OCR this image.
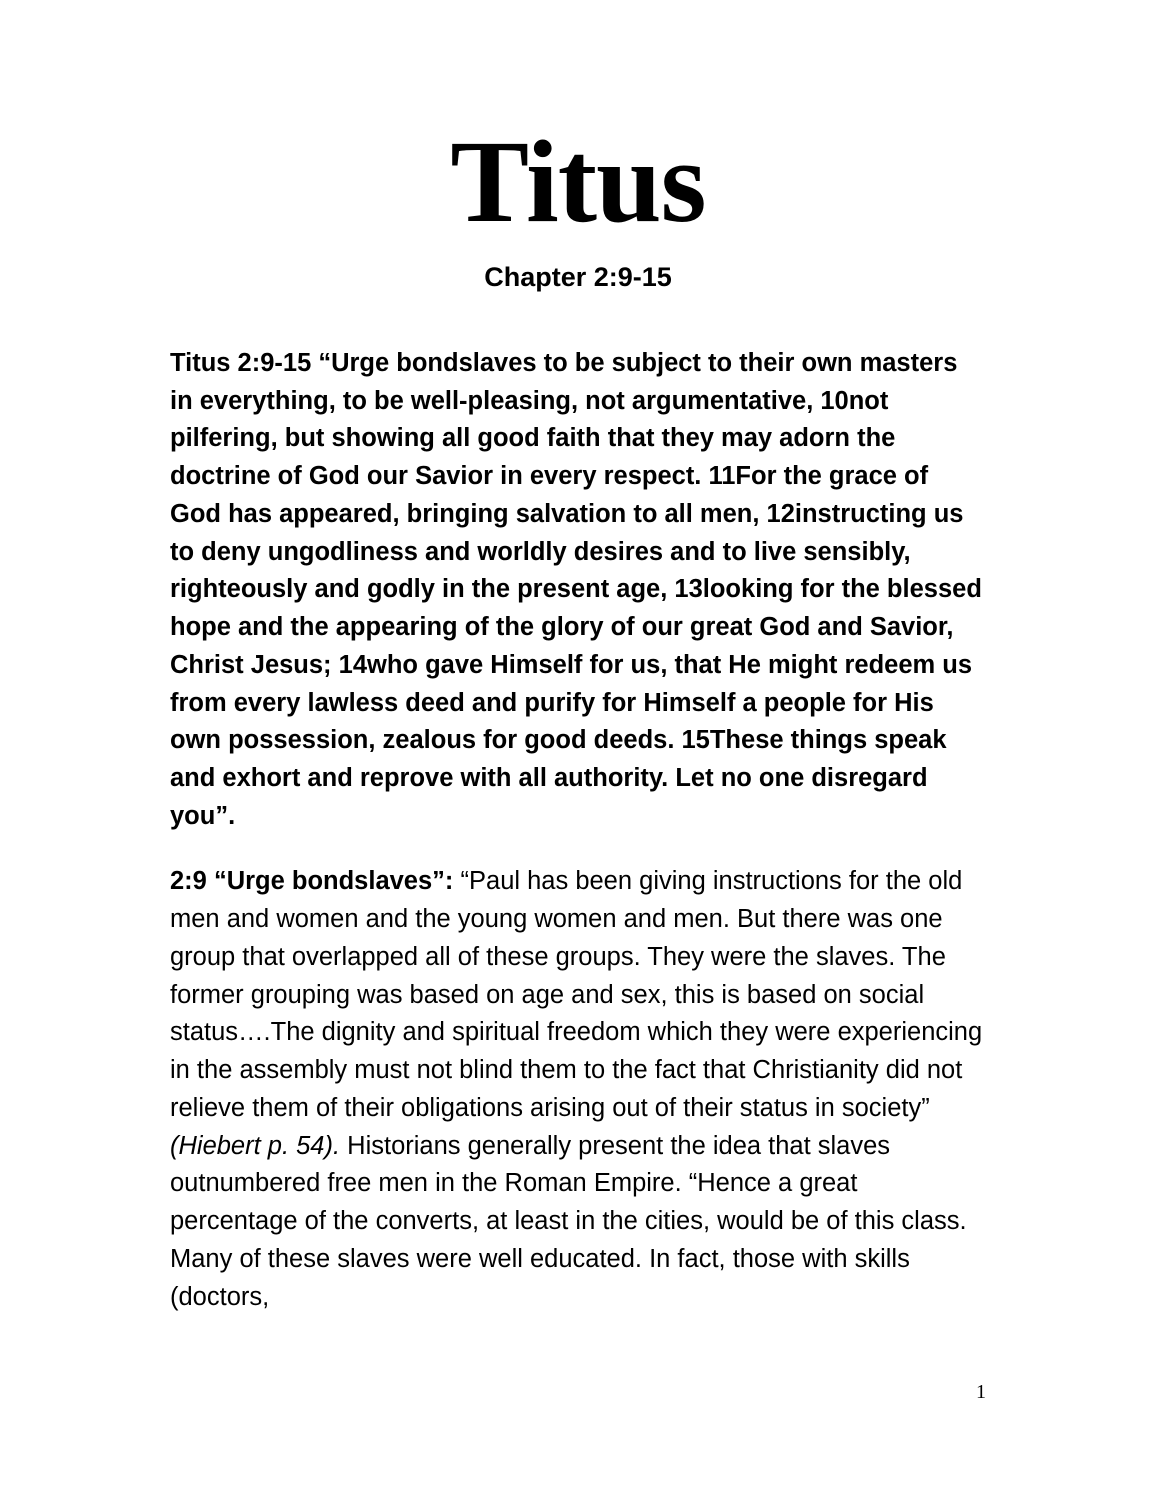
Titus
Chapter 2:9-15

Titus 2:9-15 “Urge bondslaves to be subject to their own masters in everything, to be well-pleasing, not argumentative, 10not pilfering, but showing all good faith that they may adorn the doctrine of God our Savior in every respect. 11For the grace of God has appeared, bringing salvation to all men, 12instructing us to deny ungodliness and worldly desires and to live sensibly, righteously and godly in the present age, 13looking for the blessed hope and the appearing of the glory of our great God and Savior, Christ Jesus; 14who gave Himself for us, that He might redeem us from every lawless deed and purify for Himself a people for His own possession, zealous for good deeds. 15These things speak and exhort and reprove with all authority. Let no one disregard you”.

2:9 “Urge bondslaves”: “Paul has been giving instructions for the old men and women and the young women and men. But there was one group that overlapped all of these groups. They were the slaves. The former grouping was based on age and sex, this is based on social status….The dignity and spiritual freedom which they were experiencing in the assembly must not blind them to the fact that Christianity did not relieve them of their obligations arising out of their status in society” (Hiebert p. 54). Historians generally present the idea that slaves outnumbered free men in the Roman Empire. “Hence a great percentage of the converts, at least in the cities, would be of this class. Many of these slaves were well educated. In fact, those with skills (doctors,

1
